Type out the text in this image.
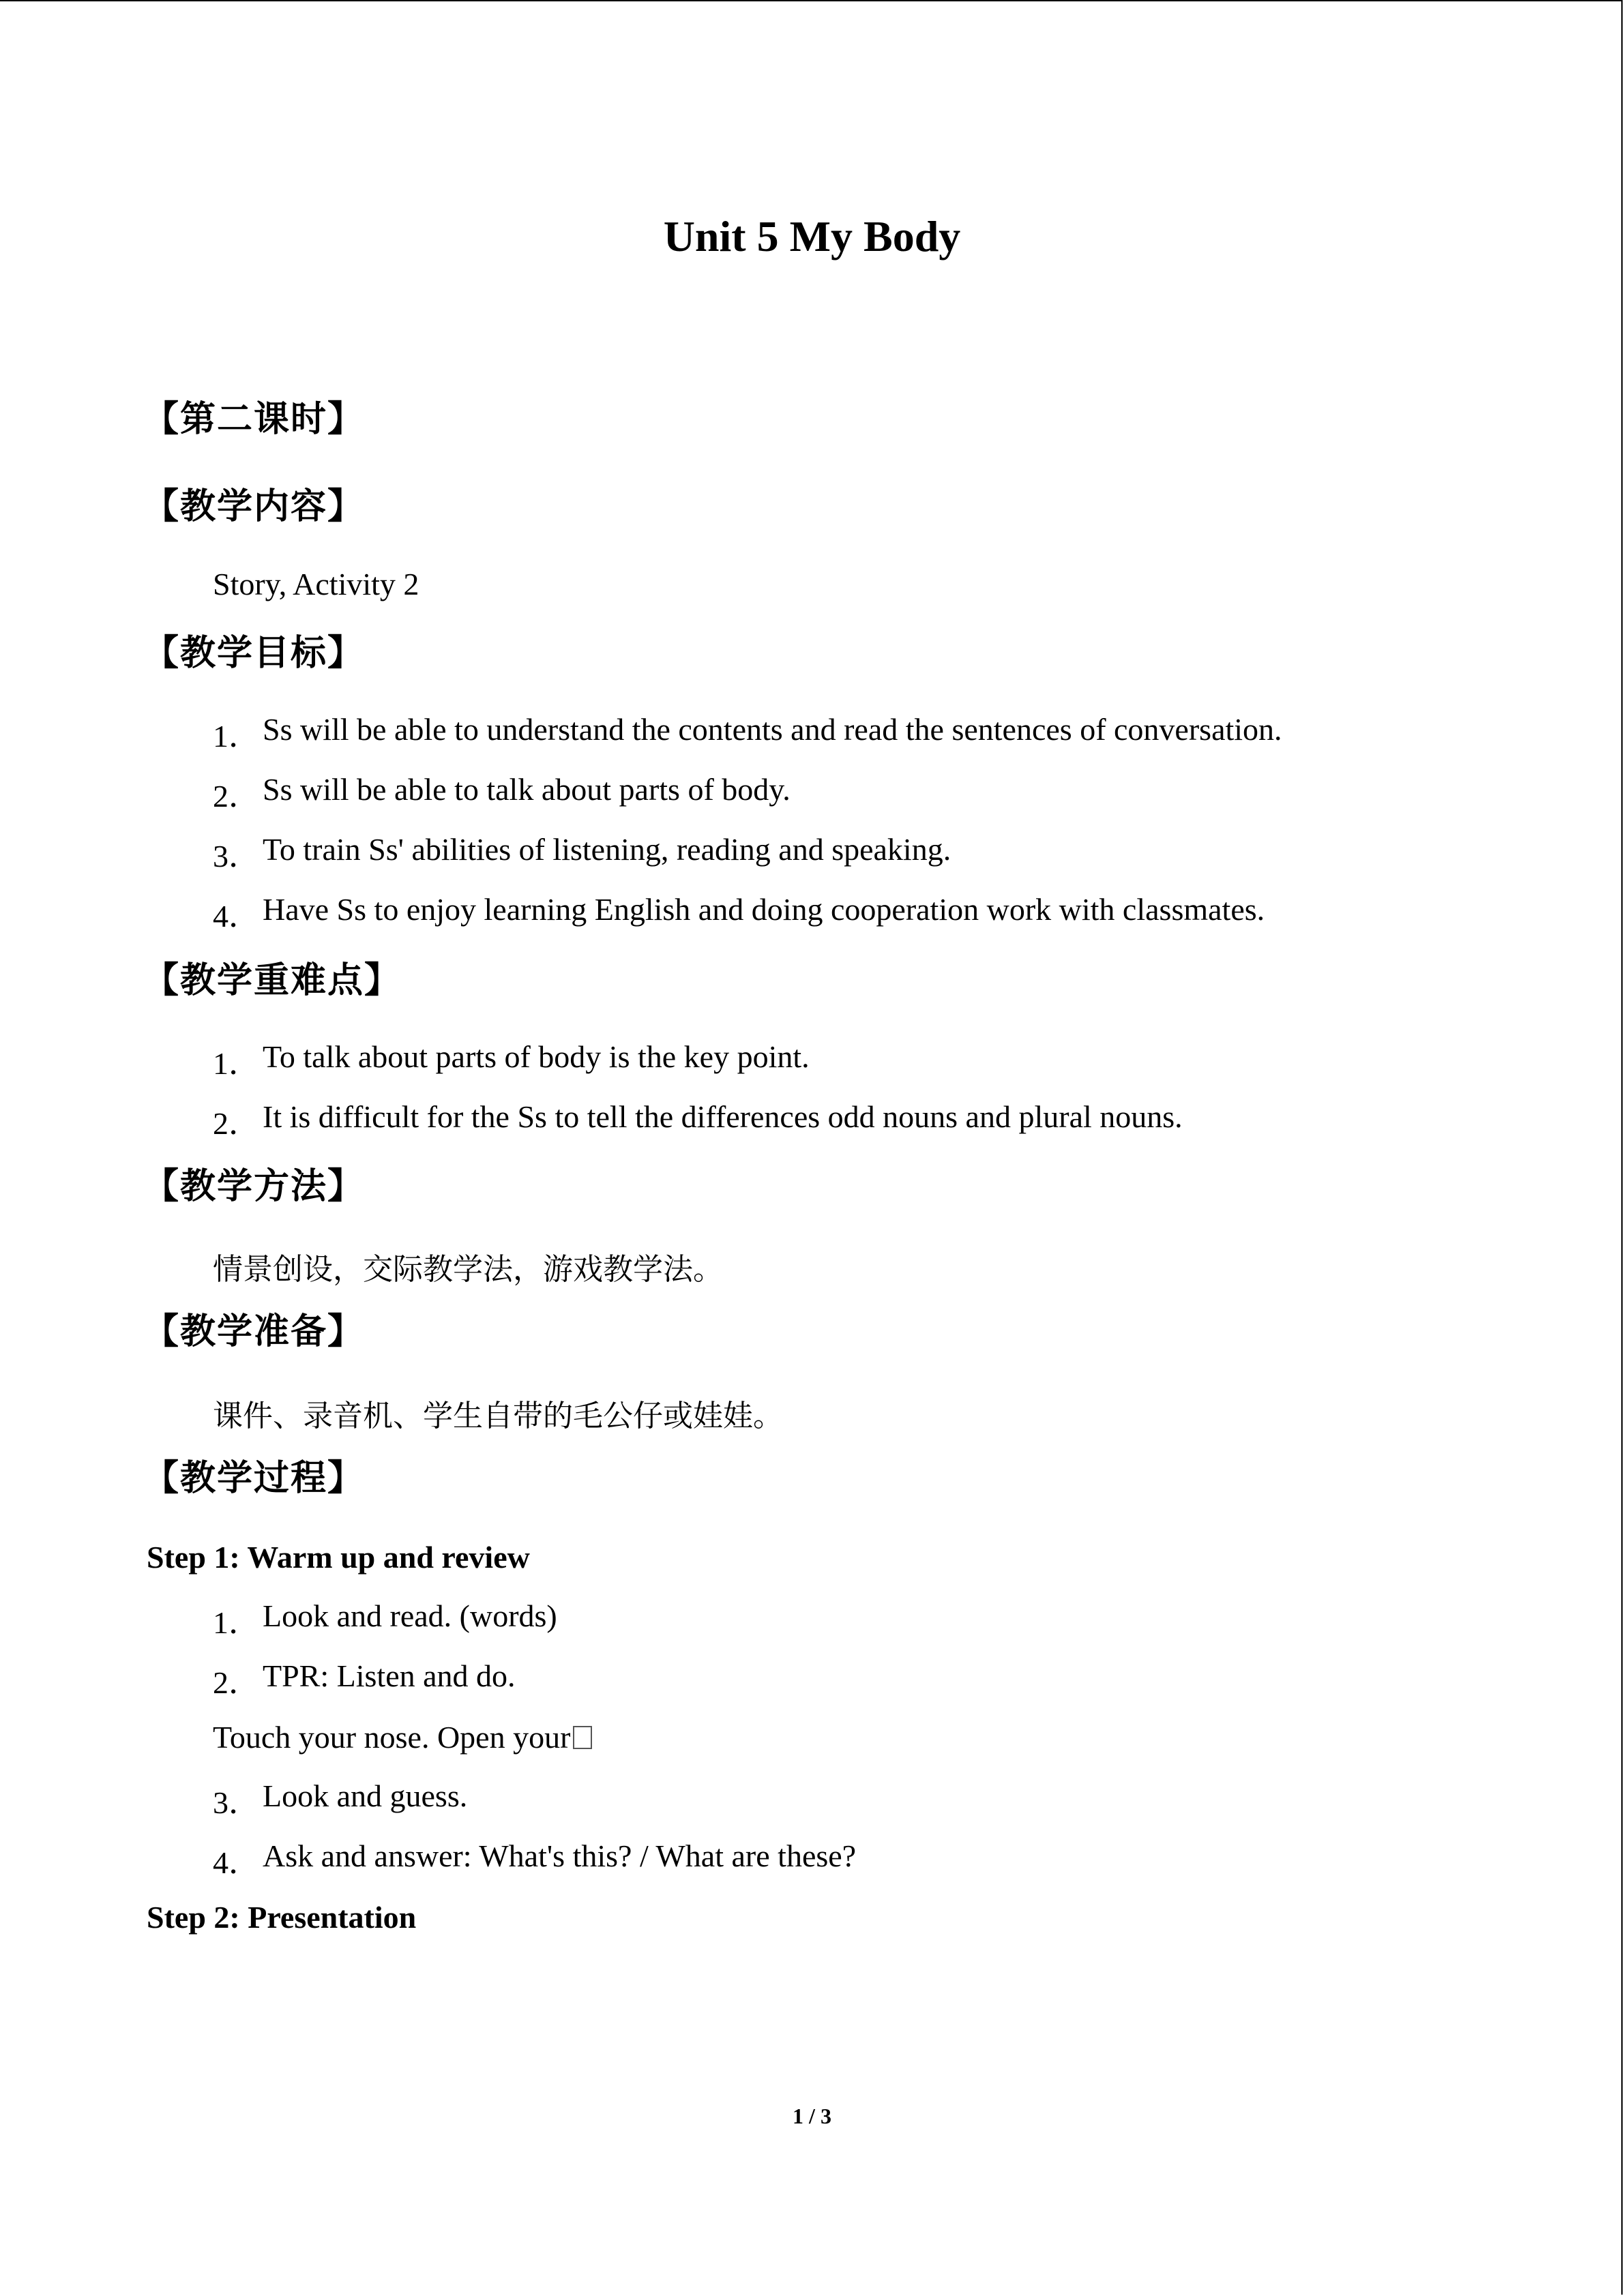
Unit 5 My Body
【第二课时】
【教学内容】
Story, Activity 2
【教学目标】
1． Ss will be able to understand the contents and read the sentences of conversation.
2． Ss will be able to talk about parts of body.
3． To train Ss' abilities of listening, reading and speaking.
4． Have Ss to enjoy learning English and doing cooperation work with classmates.
【教学重难点】
1． To talk about parts of body is the key point.
2． It is difficult for the Ss to tell the differences odd nouns and plural nouns.
【教学方法】
情景创设，交际教学法，游戏教学法。
【教学准备】
课件、录音机、学生自带的毛公仔或娃娃。
【教学过程】
Step 1: Warm up and review
1． Look and read. (words)
2． TPR: Listen and do.
Touch your nose. Open your
3． Look and guess.
4． Ask and answer: What's this? / What are these?
Step 2: Presentation
1 / 3
